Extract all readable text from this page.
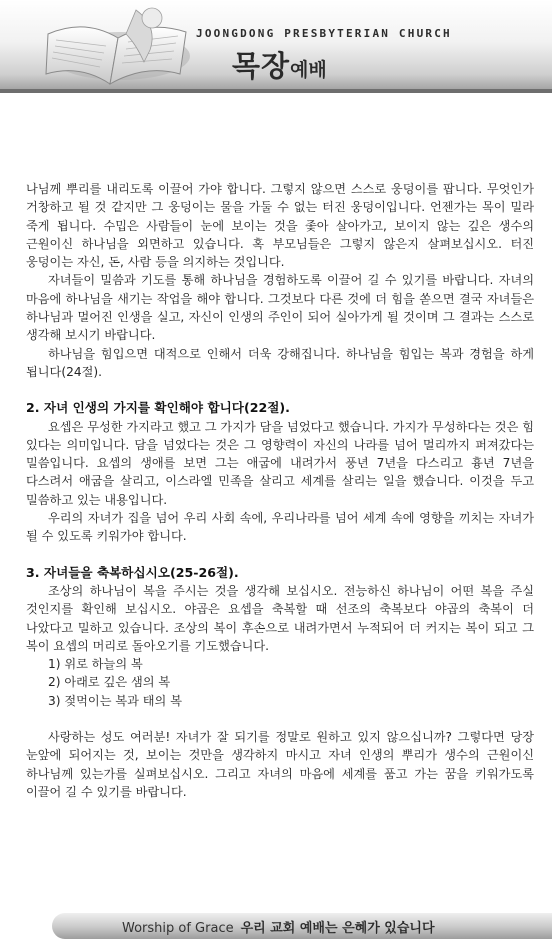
JOONGDONG PRESBYTERIAN CHURCH
목장예배

나님께 뿌리를 내리도록 이끌어 가야 합니다. 그렇지 않으면 스스로 웅덩이를 팝니다. 무엇인가 거창하고 될 것 같지만 그 웅덩이는 물을 가둘 수 없는 터진 웅덩이입니다. 언젠가는 목이 밀라 죽게 됩니다. 수밉은 사람들이 눈에 보이는 것을 좇아 살아가고, 보이지 않는 깊은 생수의 근원이신 하나님을 외면하고 있습니다. 혹 부모님들은 그렇지 않은지 살펴보십시오. 터진 웅덩이는 자신, 돈, 사람 등을 의지하는 것입니다.

자녀들이 밀씀과 기도를 통해 하나님을 경험하도록 이끌어 길 수 있기를 바랍니다. 자녀의 마음에 하나님을 새기는 작업을 해야 합니다. 그것보다 다른 것에 더 힘을 쏟으면 결국 자녀들은 하나님과 멀어진 인생을 실고, 자신이 인생의 주인이 되어 실아가게 될 것이며 그 결과는 스스로 생각해 보시기 바랍니다.

하나님을 힘입으면 대적으로 인해서 더욱 강해집니다. 하나님을 힘입는 복과 경험을 하게 됩니다(24절).

2. 자녀 인생의 가지를 확인해야 합니다(22절).

요셉은 무성한 가지라고 했고 그 가지가 담을 넘었다고 했습니다. 가지가 무성하다는 것은 힘 있다는 의미입니다. 담을 넘었다는 것은 그 영향력이 자신의 나라를 넘어 멀리까지 퍼져갔다는 밀씀입니다. 요셉의 생애를 보면 그는 애굽에 내려가서 풍년 7년을 다스리고 흉년 7년을 다스려서 애굽을 살리고, 이스라엘 민족을 살리고 세계를 살리는 일을 했습니다. 이것을 두고 밀씀하고 있는 내용입니다.

우리의 자녀가 집을 넘어 우리 사회 속에, 우리나라를 넘어 세계 속에 영향을 끼치는 자녀가 될 수 있도록 키워가야 합니다.

3. 자녀들을 축복하십시오(25-26절).

조상의 하나님이 복을 주시는 것을 생각해 보십시오. 전능하신 하나님이 어떤 복을 주실 것인지를 확인해 보십시오. 야곱은 요셉을 축복할 때 선조의 축복보다 야곱의 축복이 더 나았다고 밀하고 있습니다. 조상의 복이 후손으로 내려가면서 누적되어 더 커지는 복이 되고 그 복이 요셉의 머리로 돌아오기를 기도했습니다.

1) 위로 하늘의 복
2) 아래로 깊은 샘의 복
3) 젖먹이는 복과 태의 복

사랑하는 성도 여러분! 자녀가 잘 되기를 정말로 원하고 있지 않으십니까? 그렇다면 당장 눈앞에 되어지는 것, 보이는 것만을 생각하지 마시고 자녀 인생의 뿌리가 생수의 근원이신 하나님께 있는가를 실펴보십시오. 그리고 자녀의 마음에 세계를 품고 가는 꿈을 키워가도록 이끌어 길 수 있기를 바랍니다.

Worship of Grace 우리 교회 예배는 은혜가 있습니다
